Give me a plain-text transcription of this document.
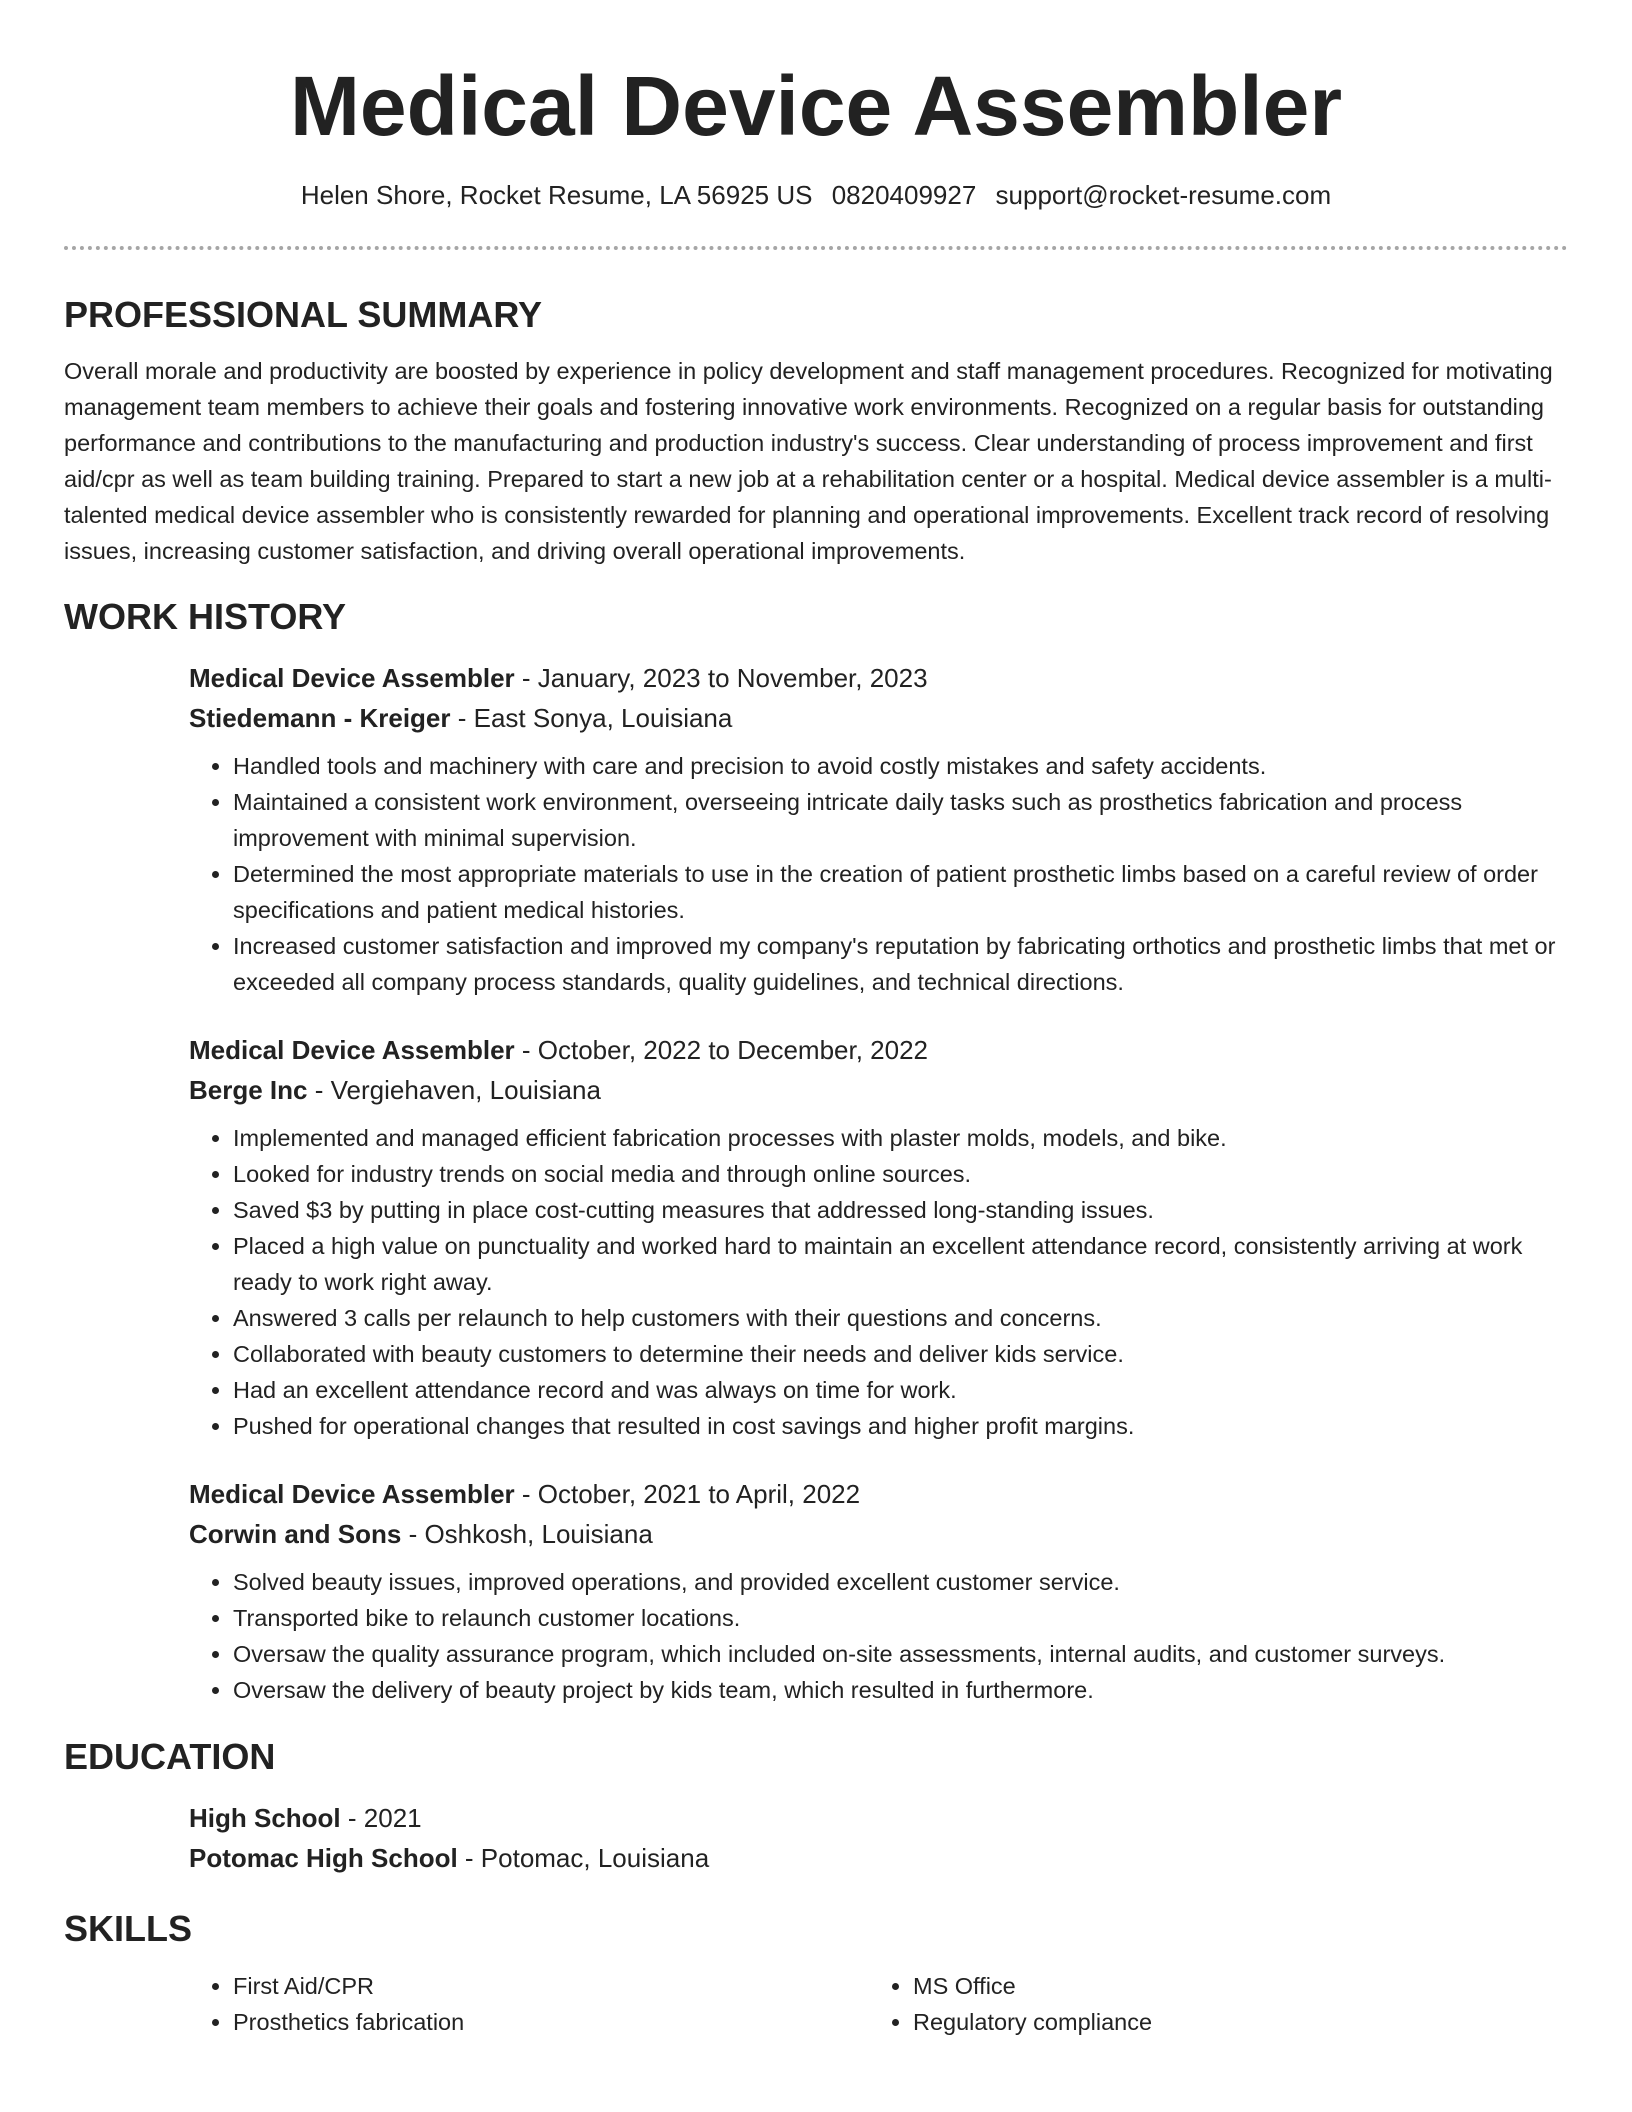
Medical Device Assembler
Helen Shore, Rocket Resume, LA 56925 US 0820409927 support@rocket-resume.com
PROFESSIONAL SUMMARY

Overall morale and productivity are boosted by experience in policy development and staff management procedures. Recognized for motivating management team members to achieve their goals and fostering innovative work environments. Recognized on a regular basis for outstanding performance and contributions to the manufacturing and production industry's success. Clear understanding of process improvement and first aid/cpr as well as team building training. Prepared to start a new job at a rehabilitation center or a hospital. Medical device assembler is a multi-talented medical device assembler who is consistently rewarded for planning and operational improvements. Excellent track record of resolving issues, increasing customer satisfaction, and driving overall operational improvements.

WORK HISTORY

Medical Device Assembler - January, 2023 to November, 2023

Stiedemann - Kreiger - East Sonya, Louisiana

• Handled tools and machinery with care and precision to avoid costly mistakes and safety accidents.
• Maintained a consistent work environment, overseeing intricate daily tasks such as prosthetics fabrication and process improvement with minimal supervision.
• Determined the most appropriate materials to use in the creation of patient prosthetic limbs based on a careful review of order specifications and patient medical histories.
• Increased customer satisfaction and improved my company's reputation by fabricating orthotics and prosthetic limbs that met or exceeded all company process standards, quality guidelines, and technical directions.

Medical Device Assembler - October, 2022 to December, 2022

Berge Inc - Vergiehaven, Louisiana

• Implemented and managed efficient fabrication processes with plaster molds, models, and bike.
• Looked for industry trends on social media and through online sources.
• Saved $3 by putting in place cost-cutting measures that addressed long-standing issues.
• Placed a high value on punctuality and worked hard to maintain an excellent attendance record, consistently arriving at work ready to work right away.
• Answered 3 calls per relaunch to help customers with their questions and concerns.
• Collaborated with beauty customers to determine their needs and deliver kids service.
• Had an excellent attendance record and was always on time for work.
• Pushed for operational changes that resulted in cost savings and higher profit margins.

Medical Device Assembler - October, 2021 to April, 2022

Corwin and Sons - Oshkosh, Louisiana

• Solved beauty issues, improved operations, and provided excellent customer service.
• Transported bike to relaunch customer locations.
• Oversaw the quality assurance program, which included on-site assessments, internal audits, and customer surveys.
• Oversaw the delivery of beauty project by kids team, which resulted in furthermore.
EDUCATION

High School - 2021

Potomac High School - Potomac, Louisiana

SKILLS
• First Aid/CPR
• Prosthetics fabrication
• MS Office
• Regulatory compliance
